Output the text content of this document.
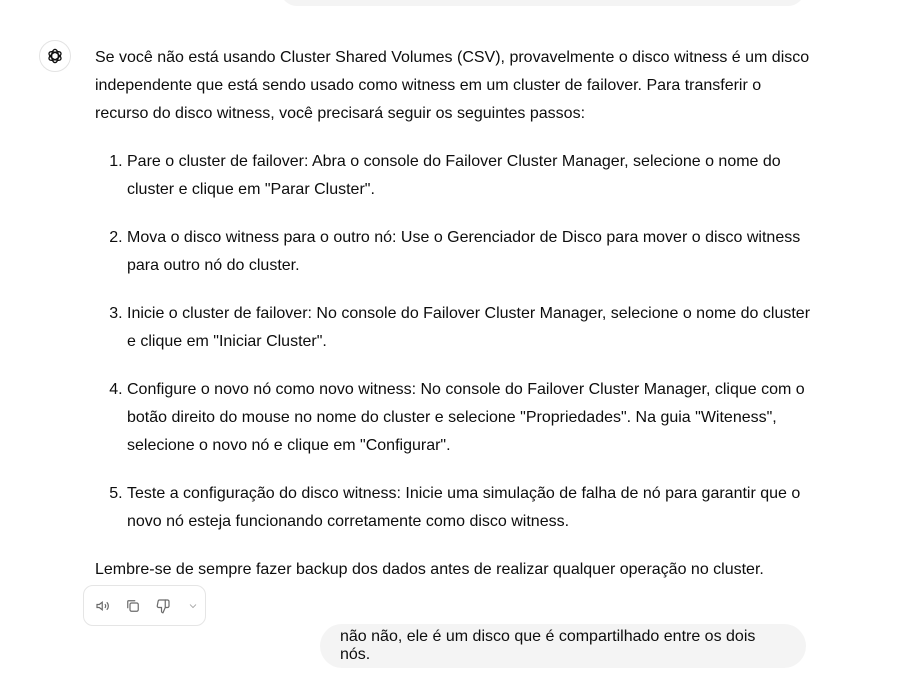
Se você não está usando Cluster Shared Volumes (CSV), provavelmente o disco witness é um disco independente que está sendo usado como witness em um cluster de failover. Para transferir o recurso do disco witness, você precisará seguir os seguintes passos:

1. Pare o cluster de failover: Abra o console do Failover Cluster Manager, selecione o nome do cluster e clique em "Parar Cluster".
2. Mova o disco witness para o outro nó: Use o Gerenciador de Disco para mover o disco witness para outro nó do cluster.
3. Inicie o cluster de failover: No console do Failover Cluster Manager, selecione o nome do cluster e clique em "Iniciar Cluster".
4. Configure o novo nó como novo witness: No console do Failover Cluster Manager, clique com o botão direito do mouse no nome do cluster e selecione "Propriedades". Na guia "Witeness", selecione o novo nó e clique em "Configurar".
5. Teste a configuração do disco witness: Inicie uma simulação de falha de nó para garantir que o novo nó esteja funcionando corretamente como disco witness.

Lembre-se de sempre fazer backup dos dados antes de realizar qualquer operação no cluster.

não não, ele é um disco que é compartilhado entre os dois nós.
